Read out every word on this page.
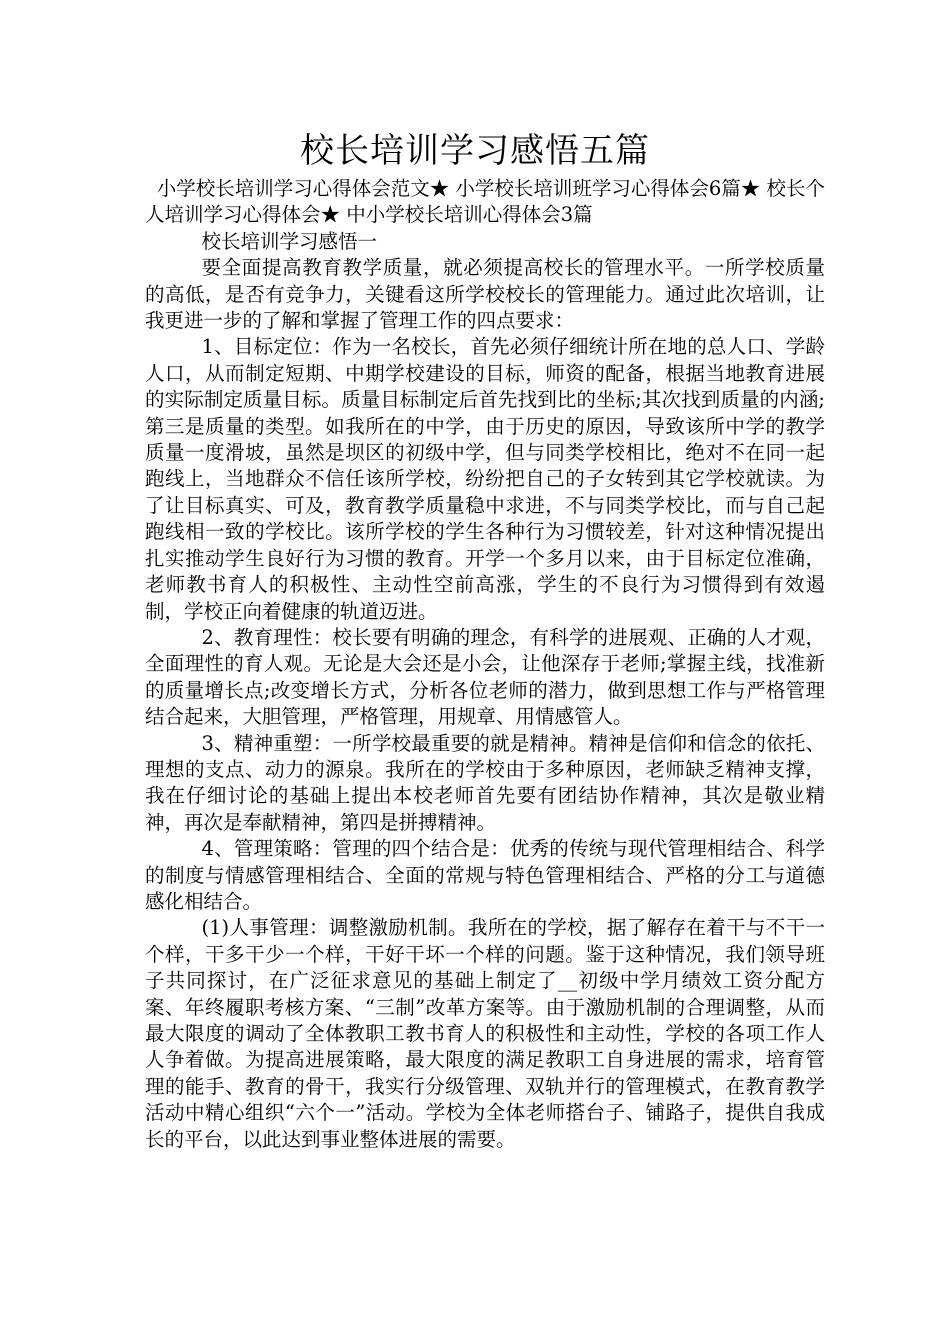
校长培训学习感悟五篇

小学校长培训学习心得体会范文★ 小学校长培训班学习心得体会6篇★ 校长个人培训学习心得体会★ 中小学校长培训心得体会3篇

校长培训学习感悟一

要全面提高教育教学质量，就必须提高校长的管理水平。一所学校质量的高低，是否有竞争力，关键看这所学校校长的管理能力。通过此次培训，让我更进一步的了解和掌握了管理工作的四点要求：

1、目标定位：作为一名校长，首先必须仔细统计所在地的总人口、学龄人口，从而制定短期、中期学校建设的目标，师资的配备，根据当地教育进展的实际制定质量目标。质量目标制定后首先找到比的坐标;其次找到质量的内涵;第三是质量的类型。如我所在的中学，由于历史的原因，导致该所中学的教学质量一度滑坡，虽然是坝区的初级中学，但与同类学校相比，绝对不在同一起跑线上，当地群众不信任该所学校，纷纷把自己的子女转到其它学校就读。为了让目标真实、可及，教育教学质量稳中求进，不与同类学校比，而与自己起跑线相一致的学校比。该所学校的学生各种行为习惯较差，针对这种情况提出扎实推动学生良好行为习惯的教育。开学一个多月以来，由于目标定位准确，老师教书育人的积极性、主动性空前高涨，学生的不良行为习惯得到有效遏制，学校正向着健康的轨道迈进。

2、教育理性：校长要有明确的理念，有科学的进展观、正确的人才观，全面理性的育人观。无论是大会还是小会，让他深存于老师;掌握主线，找准新的质量增长点;改变增长方式，分析各位老师的潜力，做到思想工作与严格管理结合起来，大胆管理，严格管理，用规章、用情感管人。

3、精神重塑：一所学校最重要的就是精神。精神是信仰和信念的依托、理想的支点、动力的源泉。我所在的学校由于多种原因，老师缺乏精神支撑，我在仔细讨论的基础上提出本校老师首先要有团结协作精神，其次是敬业精神，再次是奉献精神，第四是拼搏精神。

4、管理策略：管理的四个结合是：优秀的传统与现代管理相结合、科学的制度与情感管理相结合、全面的常规与特色管理相结合、严格的分工与道德感化相结合。

(1)人事管理：调整激励机制。我所在的学校，据了解存在着干与不干一个样，干多干少一个样，干好干坏一个样的问题。鉴于这种情况，我们领导班子共同探讨，在广泛征求意见的基础上制定了__初级中学月绩效工资分配方案、年终履职考核方案、“三制”改革方案等。由于激励机制的合理调整，从而最大限度的调动了全体教职工教书育人的积极性和主动性，学校的各项工作人人争着做。为提高进展策略，最大限度的满足教职工自身进展的需求，培育管理的能手、教育的骨干，我实行分级管理、双轨并行的管理模式，在教育教学活动中精心组织“六个一”活动。学校为全体老师搭台子、铺路子，提供自我成长的平台，以此达到事业整体进展的需要。
